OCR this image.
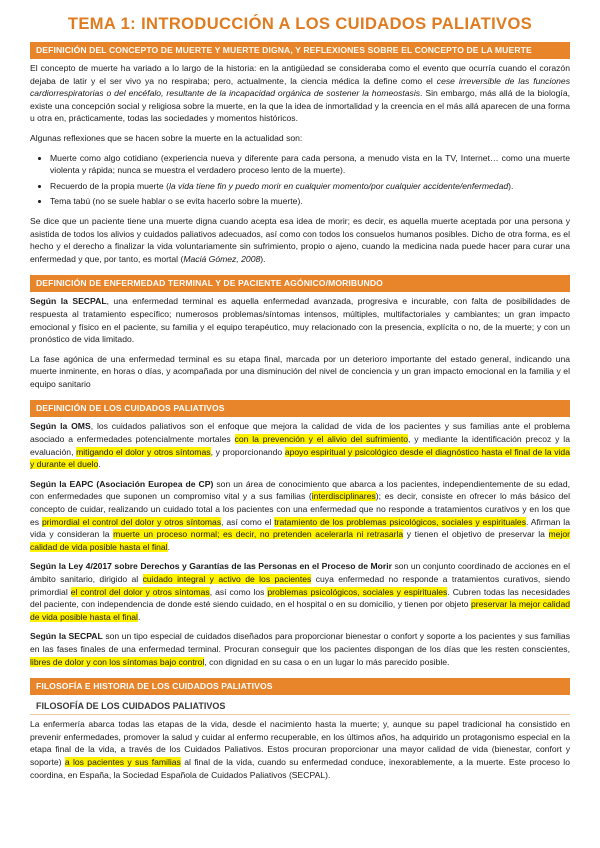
TEMA 1: INTRODUCCIÓN A LOS CUIDADOS PALIATIVOS
DEFINICIÓN DEL CONCEPTO DE MUERTE Y MUERTE DIGNA, Y REFLEXIONES SOBRE EL CONCEPTO DE LA MUERTE

El concepto de muerte ha variado a lo largo de la historia: en la antigüedad se consideraba como el evento que ocurría cuando el corazón dejaba de latir y el ser vivo ya no respiraba; pero, actualmente, la ciencia médica la define como el cese irreversible de las funciones cardiorrespiratorias o del encéfalo, resultante de la incapacidad orgánica de sostener la homeostasis. Sin embargo, más allá de la biología, existe una concepción social y religiosa sobre la muerte, en la que la idea de inmortalidad y la creencia en el más allá aparecen de una forma u otra en, prácticamente, todas las sociedades y momentos históricos.

Algunas reflexiones que se hacen sobre la muerte en la actualidad son:

• Muerte como algo cotidiano (experiencia nueva y diferente para cada persona, a menudo vista en la TV, Internet… como una muerte violenta y rápida; nunca se muestra el verdadero proceso lento de la muerte).
• Recuerdo de la propia muerte (la vida tiene fin y puedo morir en cualquier momento/por cualquier accidente/enfermedad).
• Tema tabú (no se suele hablar o se evita hacerlo sobre la muerte).

Se dice que un paciente tiene una muerte digna cuando acepta esa idea de morir; es decir, es aquella muerte aceptada por una persona y asistida de todos los alivios y cuidados paliativos adecuados, así como con todos los consuelos humanos posibles. Dicho de otra forma, es el hecho y el derecho a finalizar la vida voluntariamente sin sufrimiento, propio o ajeno, cuando la medicina nada puede hacer para curar una enfermedad y que, por tanto, es mortal (Maciá Gómez, 2008).

DEFINICIÓN DE ENFERMEDAD TERMINAL Y DE PACIENTE AGÓNICO/MORIBUNDO

Según la SECPAL, una enfermedad terminal es aquella enfermedad avanzada, progresiva e incurable, con falta de posibilidades de respuesta al tratamiento específico; numerosos problemas/síntomas intensos, múltiples, multifactoriales y cambiantes; un gran impacto emocional y físico en el paciente, su familia y el equipo terapéutico, muy relacionado con la presencia, explícita o no, de la muerte; y con un pronóstico de vida limitado.

La fase agónica de una enfermedad terminal es su etapa final, marcada por un deterioro importante del estado general, indicando una muerte inminente, en horas o días, y acompañada por una disminución del nivel de conciencia y un gran impacto emocional en la familia y el equipo sanitario

DEFINICIÓN DE LOS CUIDADOS PALIATIVOS

Según la OMS, los cuidados paliativos son el enfoque que mejora la calidad de vida de los pacientes y sus familias ante el problema asociado a enfermedades potencialmente mortales con la prevención y el alivio del sufrimiento, y mediante la identificación precoz y la evaluación, mitigando el dolor y otros síntomas, y proporcionando apoyo espiritual y psicológico desde el diagnóstico hasta el final de la vida y durante el duelo.

Según la EAPC (Asociación Europea de CP) son un área de conocimiento que abarca a los pacientes, independientemente de su edad, con enfermedades que suponen un compromiso vital y a sus familias (interdisciplinares); es decir, consiste en ofrecer lo más básico del concepto de cuidar, realizando un cuidado total a los pacientes con una enfermedad que no responde a tratamientos curativos y en los que es primordial el control del dolor y otros síntomas, así como el tratamiento de los problemas psicológicos, sociales y espirituales. Afirman la vida y consideran la muerte un proceso normal; es decir, no pretenden acelerarla ni retrasarla y tienen el objetivo de preservar la mejor calidad de vida posible hasta el final.

Según la Ley 4/2017 sobre Derechos y Garantías de las Personas en el Proceso de Morir son un conjunto coordinado de acciones en el ámbito sanitario, dirigido al cuidado integral y activo de los pacientes cuya enfermedad no responde a tratamientos curativos, siendo primordial el control del dolor y otros síntomas, así como los problemas psicológicos, sociales y espirituales. Cubren todas las necesidades del paciente, con independencia de donde esté siendo cuidado, en el hospital o en su domicilio, y tienen por objeto preservar la mejor calidad de vida posible hasta el final.

Según la SECPAL son un tipo especial de cuidados diseñados para proporcionar bienestar o confort y soporte a los pacientes y sus familias en las fases finales de una enfermedad terminal. Procuran conseguir que los pacientes dispongan de los días que les resten conscientes, libres de dolor y con los síntomas bajo control, con dignidad en su casa o en un lugar lo más parecido posible.

FILOSOFÍA E HISTORIA DE LOS CUIDADOS PALIATIVOS
FILOSOFÍA DE LOS CUIDADOS PALIATIVOS

La enfermería abarca todas las etapas de la vida, desde el nacimiento hasta la muerte; y, aunque su papel tradicional ha consistido en prevenir enfermedades, promover la salud y cuidar al enfermo recuperable, en los últimos años, ha adquirido un protagonismo especial en la etapa final de la vida, a través de los Cuidados Paliativos. Estos procuran proporcionar una mayor calidad de vida (bienestar, confort y soporte) a los pacientes y sus familias al final de la vida, cuando su enfermedad conduce, inexorablemente, a la muerte. Este proceso lo coordina, en España, la Sociedad Española de Cuidados Paliativos (SECPAL).
